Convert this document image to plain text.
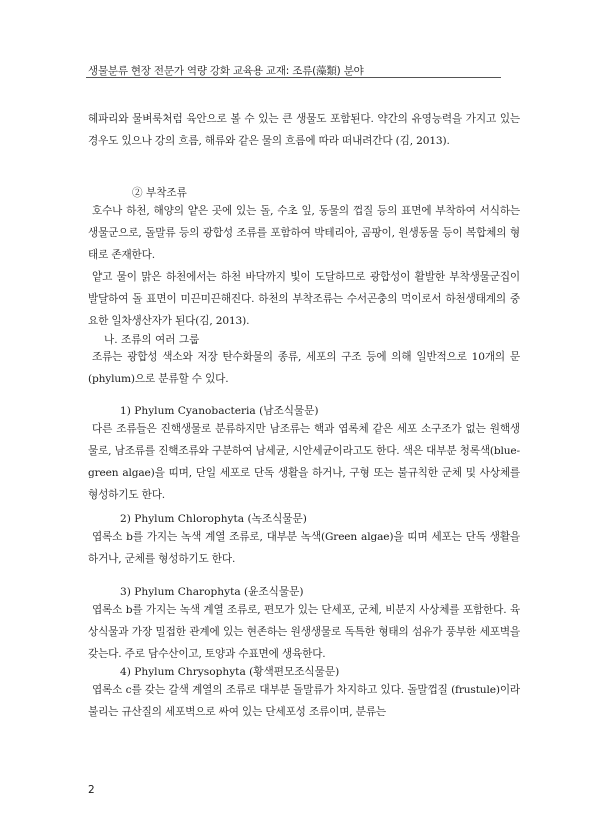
생물분류 현장 전문가 역량 강화 교육용 교재: 조류(藻類) 분야

헤파리와 물벼룩처럼 육안으로 볼 수 있는 큰 생물도 포함된다. 약간의 유영능력을 가지고 있는 경우도 있으나 강의 흐름, 해류와 같은 물의 흐름에 따라 떠내려간다 (김, 2013).

② 부착조류

호수나 하천, 해양의 얕은 곳에 있는 돌, 수초 잎, 동물의 껍질 등의 표면에 부착하여 서식하는 생물군으로, 돌말류 등의 광합성 조류를 포함하여 박테리아, 곰팡이, 원생동물 등이 복합체의 형태로 존재한다.

얕고 물이 맑은 하천에서는 하천 바닥까지 빛이 도달하므로 광합성이 활발한 부착생물군집이 발달하여 돌 표면이 미끈미끈해진다. 하천의 부착조류는 수서곤충의 먹이로서 하천생태계의 중요한 일차생산자가 된다(김, 2013).

나. 조류의 여러 그룹

조류는 광합성 색소와 저장 탄수화물의 종류, 세포의 구조 등에 의해 일반적으로 10개의 문(phylum)으로 분류할 수 있다.

1) Phylum Cyanobacteria (남조식물문)

다른 조류들은 진핵생물로 분류하지만 남조류는 핵과 엽록체 같은 세포 소구조가 없는 원핵생물로, 남조류를 진핵조류와 구분하여 남세균, 시안세균이라고도 한다. 색은 대부분 청록색(blue-green algae)을 띠며, 단일 세포로 단독 생활을 하거나, 구형 또는 불규칙한 군체 및 사상체를 형성하기도 한다.

2) Phylum Chlorophyta (녹조식물문)

엽록소 b를 가지는 녹색 계열 조류로, 대부분 녹색(Green algae)을 띠며 세포는 단독 생활을 하거나, 군체를 형성하기도 한다.

3) Phylum Charophyta (윤조식물문)

엽록소 b를 가지는 녹색 계열 조류로, 편모가 있는 단세포, 군체, 비분지 사상체를 포함한다. 육상식물과 가장 밀접한 관계에 있는 현존하는 원생생물로 독특한 형태의 섬유가 풍부한 세포벽을 갖는다. 주로 담수산이고, 토양과 수표면에 생육한다.

4) Phylum Chrysophyta (황색편모조식물문)

엽록소 c를 갖는 갈색 계열의 조류로 대부분 돌말류가 차지하고 있다. 돌말껍질 (frustule)이라 불리는 규산질의 세포벽으로 싸여 있는 단세포성 조류이며, 분류는

2
